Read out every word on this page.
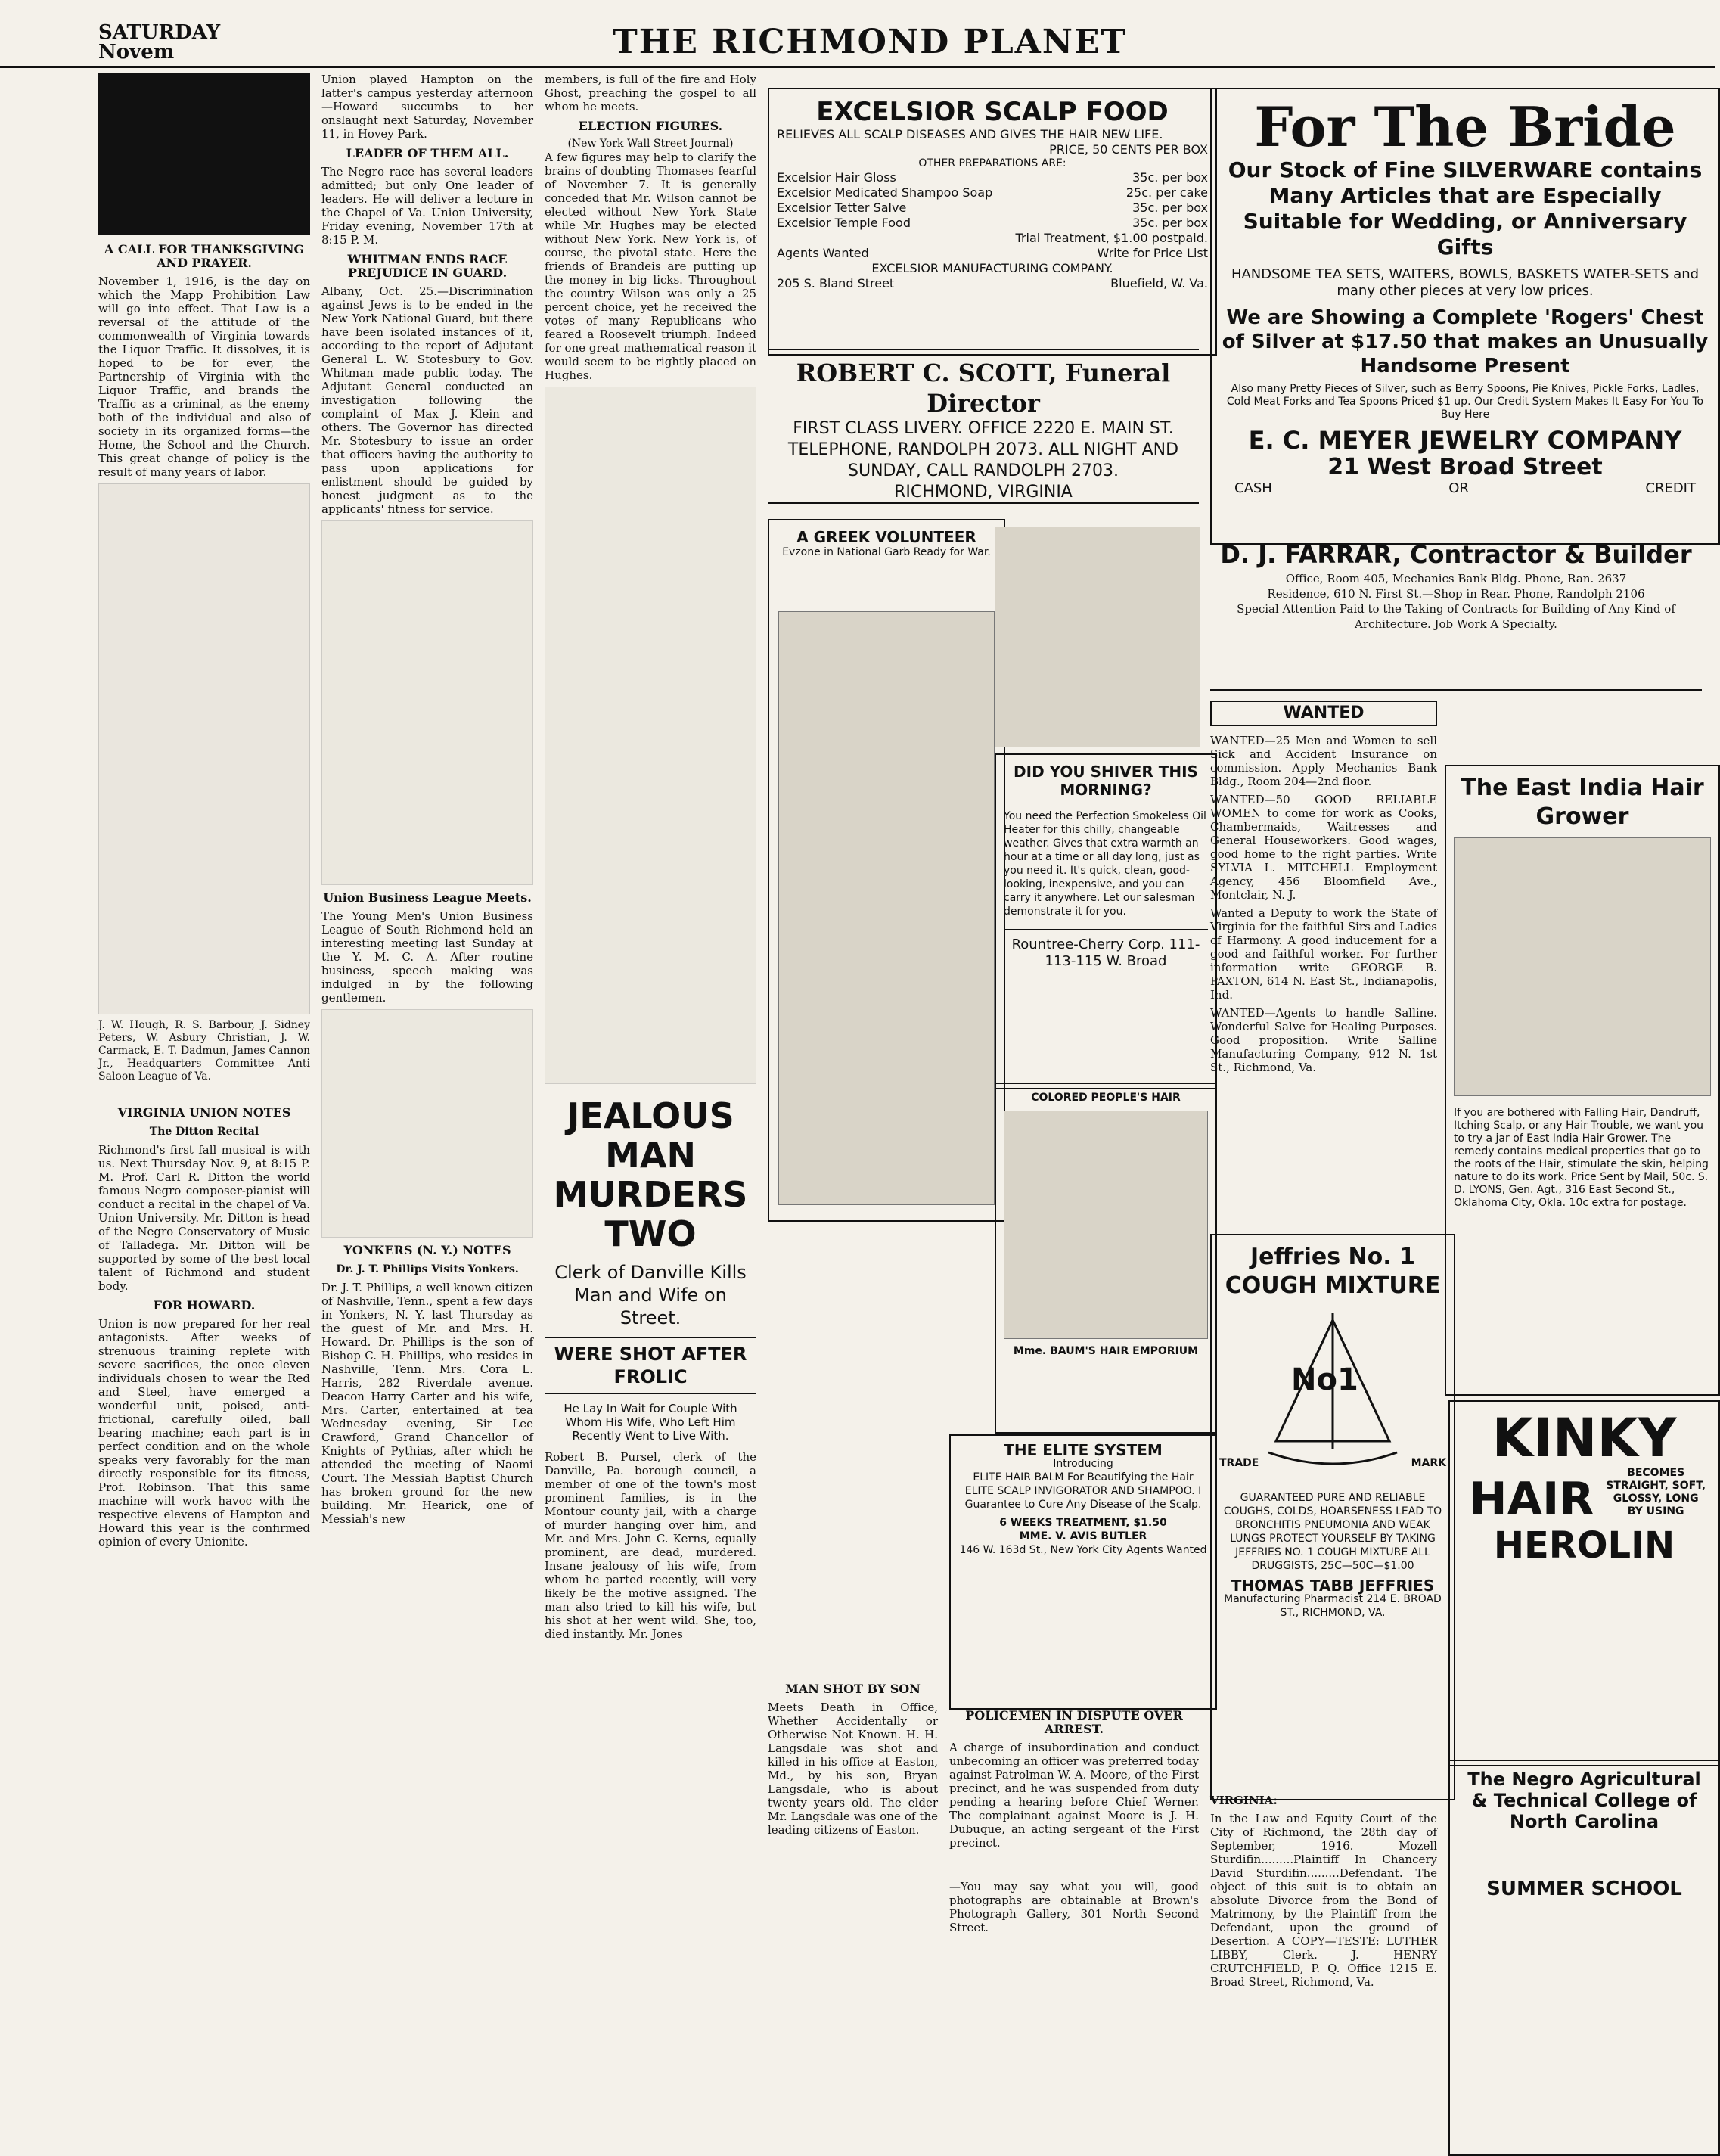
SATURDAY
Novem	THE RICHMOND PLANET
A CALL FOR THANKSGIVING AND PRAYER.

November 1, 1916, is the day on which the Mapp Prohibition Law will go into effect. That Law is a reversal of the attitude of the commonwealth of Virginia towards the Liquor Traffic. It dissolves, it is hoped to be for ever, the Partnership of Virginia with the Liquor Traffic, and brands the Traffic as a criminal, as the enemy both of the individual and also of society in its organized forms—the Home, the School and the Church. This great change of policy is the result of many years of labor.

J. W. Hough, R. S. Barbour, J. Sidney Peters, W. Asbury Christian, J. W. Carmack, E. T. Dadmun, James Cannon Jr., Headquarters Committee Anti Saloon League of Va.

VIRGINIA UNION NOTES
The Ditton Recital

Richmond's first fall musical is with us. Next Thursday Nov. 9, at 8:15 P. M. Prof. Carl R. Ditton the world famous Negro composer-pianist will conduct a recital in the chapel of Va. Union University. Mr. Ditton is head of the Negro Conservatory of Music of Talladega. Mr. Ditton will be supported by some of the best local talent of Richmond and student body.

FOR HOWARD.

Union is now prepared for her real antagonists. After weeks of strenuous training replete with severe sacrifices, the once eleven individuals chosen to wear the Red and Steel, have emerged a wonderful unit, poised, anti-frictional, carefully oiled, ball bearing machine; each part is in perfect condition and on the whole speaks very favorably for the man directly responsible for its fitness, Prof. Robinson. That this same machine will work havoc with the respective elevens of Hampton and Howard this year is the confirmed opinion of every Unionite.

Union played Hampton on the latter's campus yesterday afternoon—Howard succumbs to her onslaught next Saturday, November 11, in Hovey Park.

LEADER OF THEM ALL.

The Negro race has several leaders admitted; but only One leader of leaders. He will deliver a lecture in the Chapel of Va. Union University, Friday evening, November 17th at 8:15 P. M.

WHITMAN ENDS RACE PREJUDICE IN GUARD.

Albany, Oct. 25.—Discrimination against Jews is to be ended in the New York National Guard, but there have been isolated instances of it, according to the report of Adjutant General L. W. Stotesbury to Gov. Whitman made public today. The Adjutant General conducted an investigation following the complaint of Max J. Klein and others. The Governor has directed Mr. Stotesbury to issue an order that officers having the authority to pass upon applications for enlistment should be guided by honest judgment as to the applicants' fitness for service.

Union Business League Meets.

The Young Men's Union Business League of South Richmond held an interesting meeting last Sunday at the Y. M. C. A. After routine business, speech making was indulged in by the following gentlemen.

YONKERS (N. Y.) NOTES
Dr. J. T. Phillips Visits Yonkers.

Dr. J. T. Phillips, a well known citizen of Nashville, Tenn., spent a few days in Yonkers, N. Y. last Thursday as the guest of Mr. and Mrs. H. Howard. Dr. Phillips is the son of Bishop C. H. Phillips, who resides in Nashville, Tenn. Mrs. Cora L. Harris, 282 Riverdale avenue. Deacon Harry Carter and his wife, Mrs. Carter, entertained at tea Wednesday evening, Sir Lee Crawford, Grand Chancellor of Knights of Pythias, after which he attended the meeting of Naomi Court. The Messiah Baptist Church has broken ground for the new building. Mr. Hearick, one of Messiah's new

members, is full of the fire and Holy Ghost, preaching the gospel to all whom he meets.

ELECTION FIGURES.
(New York Wall Street Journal)

A few figures may help to clarify the brains of doubting Thomases fearful of November 7. It is generally conceded that Mr. Wilson cannot be elected without New York State while Mr. Hughes may be elected without New York. New York is, of course, the pivotal state. Here the friends of Brandeis are putting up the money in big licks. Throughout the country Wilson was only a 25 percent choice, yet he received the votes of many Republicans who feared a Roosevelt triumph. Indeed for one great mathematical reason it would seem to be rightly placed on Hughes.

JEALOUS MAN
MURDERS TWO
Clerk of Danville Kills Man and Wife on Street.
WERE SHOT AFTER FROLIC
He Lay In Wait for Couple With Whom His Wife, Who Left Him Recently Went to Live With.

Robert B. Pursel, clerk of the Danville, Pa. borough council, a member of one of the town's most prominent families, is in the Montour county jail, with a charge of murder hanging over him, and Mr. and Mrs. John C. Kerns, equally prominent, are dead, murdered. Insane jealousy of his wife, from whom he parted recently, will very likely be the motive assigned. The man also tried to kill his wife, but his shot at her went wild. She, too, died instantly. Mr. Jones

EXCELSIOR SCALP FOOD
RELIEVES ALL SCALP DISEASES AND GIVES THE HAIR NEW LIFE.
PRICE, 50 CENTS PER BOX
OTHER PREPARATIONS ARE:
Excelsior Hair Gloss	35c. per box
Excelsior Medicated Shampoo Soap	25c. per cake
Excelsior Tetter Salve	35c. per box
Excelsior Temple Food	35c. per box
Trial Treatment, $1.00 postpaid.
Agents Wanted	Write for Price List
EXCELSIOR MANUFACTURING COMPANY.
205 S. Bland Street	Bluefield, W. Va.
ROBERT C. SCOTT, Funeral Director
FIRST CLASS LIVERY. OFFICE 2220 E. MAIN ST. TELEPHONE, RANDOLPH 2073. ALL NIGHT AND SUNDAY, CALL RANDOLPH 2703.
RICHMOND, VIRGINIA
A GREEK VOLUNTEER
Evzone in National Garb Ready for War.
DID YOU SHIVER THIS MORNING?

You need the Perfection Smokeless Oil Heater for this chilly, changeable weather. Gives that extra warmth an hour at a time or all day long, just as you need it. It's quick, clean, good-looking, inexpensive, and you can carry it anywhere. Let our salesman demonstrate it for you.

Rountree-Cherry Corp. 111-113-115 W. Broad
COLORED PEOPLE'S HAIR
Mme. BAUM'S HAIR EMPORIUM
THE ELITE SYSTEM
Introducing
ELITE HAIR BALM For Beautifying the Hair ELITE SCALP INVIGORATOR AND SHAMPOO. I Guarantee to Cure Any Disease of the Scalp.
6 WEEKS TREATMENT, $1.50
MME. V. AVIS BUTLER
146 W. 163d St., New York City Agents Wanted
POLICEMEN IN DISPUTE OVER ARREST.

A charge of insubordination and conduct unbecoming an officer was preferred today against Patrolman W. A. Moore, of the First precinct, and he was suspended from duty pending a hearing before Chief Werner. The complainant against Moore is J. H. Dubuque, an acting sergeant of the First precinct.

—You may say what you will, good photographs are obtainable at Brown's Photograph Gallery, 301 North Second Street.

MAN SHOT BY SON

Meets Death in Office, Whether Accidentally or Otherwise Not Known. H. H. Langsdale was shot and killed in his office at Easton, Md., by his son, Bryan Langsdale, who is about twenty years old. The elder Mr. Langsdale was one of the leading citizens of Easton.

For The Bride
Our Stock of Fine SILVERWARE contains Many Articles that are Especially Suitable for Wedding, or Anniversary Gifts
HANDSOME TEA SETS, WAITERS, BOWLS, BASKETS WATER-SETS and many other pieces at very low prices.
We are Showing a Complete 'Rogers' Chest of Silver at $17.50 that makes an Unusually Handsome Present
Also many Pretty Pieces of Silver, such as Berry Spoons, Pie Knives, Pickle Forks, Ladles, Cold Meat Forks and Tea Spoons Priced $1 up. Our Credit System Makes It Easy For You To Buy Here
E. C. MEYER JEWELRY COMPANY
21 West Broad Street
CASH	OR	CREDIT
D. J. FARRAR, Contractor & Builder
Office, Room 405, Mechanics Bank Bldg. Phone, Ran. 2637
Residence, 610 N. First St.—Shop in Rear. Phone, Randolph 2106
Special Attention Paid to the Taking of Contracts for Building of Any Kind of Architecture. Job Work A Specialty.
WANTED

WANTED—25 Men and Women to sell Sick and Accident Insurance on commission. Apply Mechanics Bank Bldg., Room 204—2nd floor.

WANTED—50 GOOD RELIABLE WOMEN to come for work as Cooks, Chambermaids, Waitresses and General Houseworkers. Good wages, good home to the right parties. Write SYLVIA L. MITCHELL Employment Agency, 456 Bloomfield Ave., Montclair, N. J.

Wanted a Deputy to work the State of Virginia for the faithful Sirs and Ladies of Harmony. A good inducement for a good and faithful worker. For further information write GEORGE B. PAXTON, 614 N. East St., Indianapolis, Ind.

WANTED—Agents to handle Salline. Wonderful Salve for Healing Purposes. Good proposition. Write Salline Manufacturing Company, 912 N. 1st St., Richmond, Va.

The East India Hair Grower

If you are bothered with Falling Hair, Dandruff, Itching Scalp, or any Hair Trouble, we want you to try a jar of East India Hair Grower. The remedy contains medical properties that go to the roots of the Hair, stimulate the skin, helping nature to do its work. Price Sent by Mail, 50c. S. D. LYONS, Gen. Agt., 316 East Second St., Oklahoma City, Okla. 10c extra for postage.

Jeffries No. 1 COUGH MIXTURE
No1
TRADE	MARK
GUARANTEED PURE AND RELIABLE COUGHS, COLDS, HOARSENESS LEAD TO BRONCHITIS PNEUMONIA AND WEAK LUNGS PROTECT YOURSELF BY TAKING JEFFRIES NO. 1 COUGH MIXTURE ALL DRUGGISTS, 25C—50C—$1.00
THOMAS TABB JEFFRIES
Manufacturing Pharmacist 214 E. BROAD ST., RICHMOND, VA.
KINKY
HAIR	BECOMES STRAIGHT, SOFT, GLOSSY, LONG BY USING
HEROLIN
VIRGINIA:

In the Law and Equity Court of the City of Richmond, the 28th day of September, 1916. Mozell Sturdifin.........Plaintiff In Chancery David Sturdifin.........Defendant. The object of this suit is to obtain an absolute Divorce from the Bond of Matrimony, by the Plaintiff from the Defendant, upon the ground of Desertion. A COPY—TESTE: LUTHER LIBBY, Clerk. J. HENRY CRUTCHFIELD, P. Q. Office 1215 E. Broad Street, Richmond, Va.

The Negro Agricultural & Technical College of North Carolina
SUMMER SCHOOL
